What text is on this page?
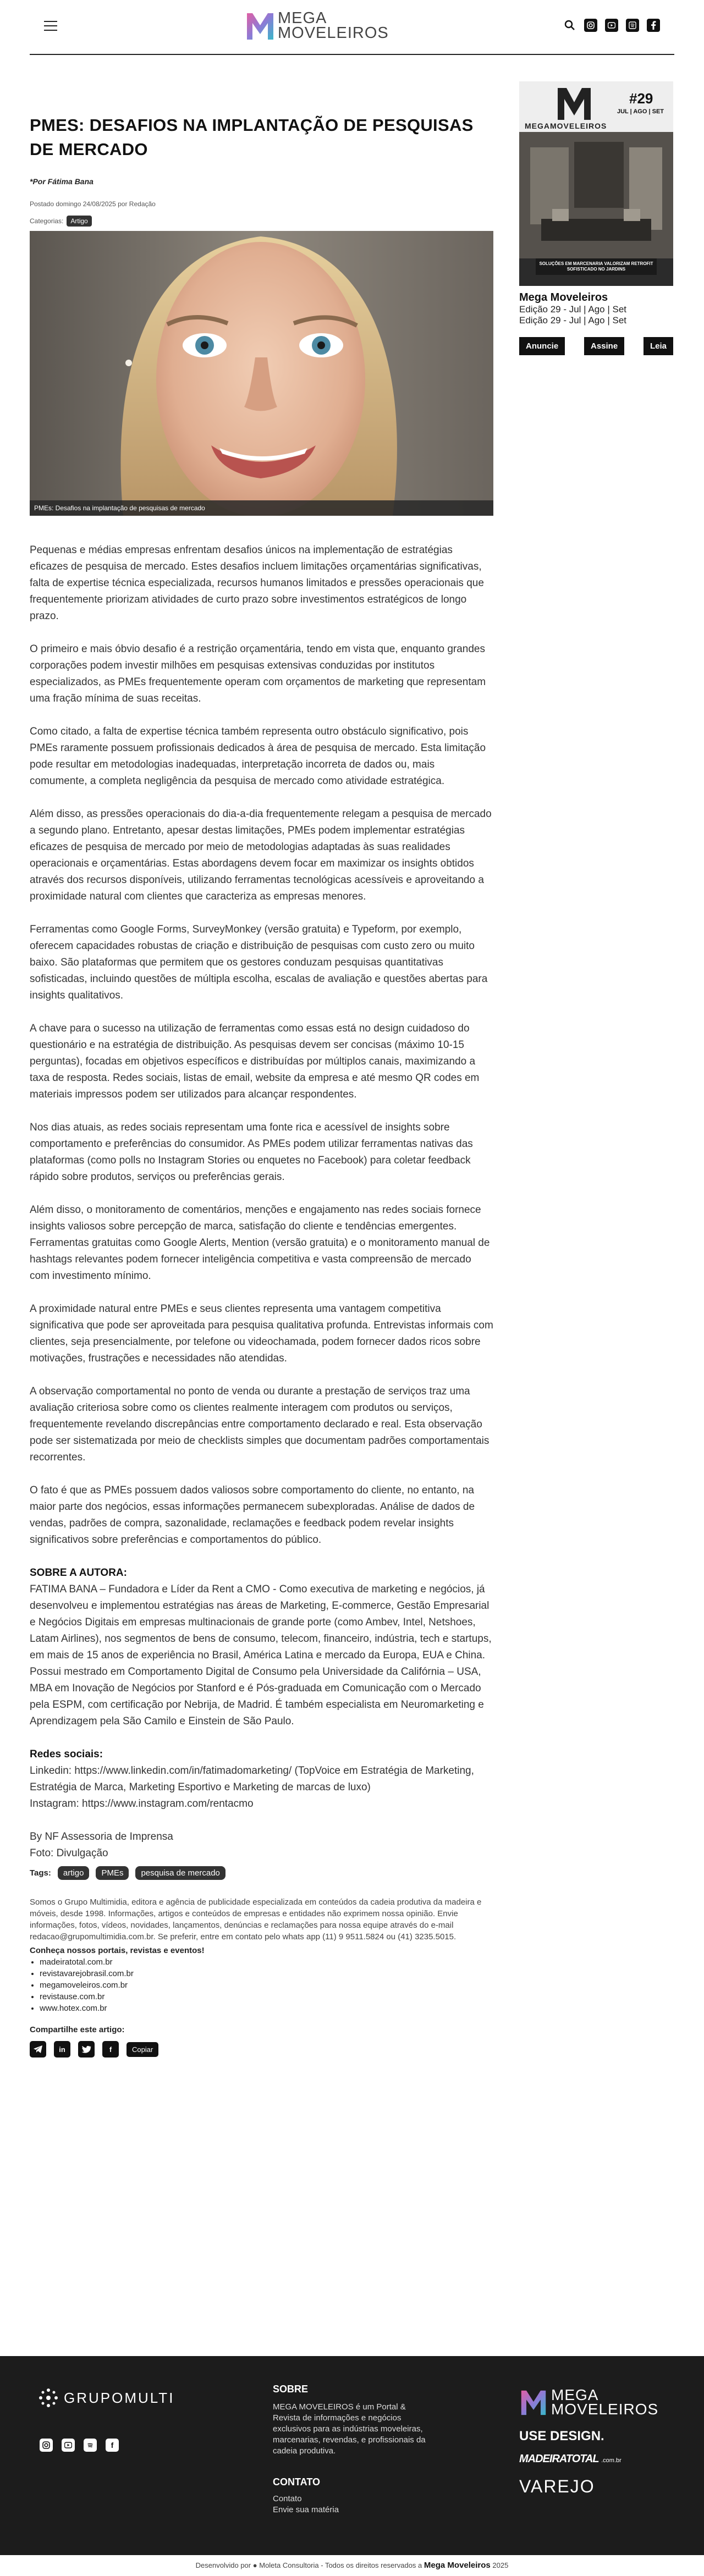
MEGA
MOVELEIROS
PMES: DESAFIOS NA IMPLANTAÇÃO DE PESQUISAS DE MERCADO
*Por Fátima Bana
Postado domingo 24/08/2025 por Redação
Categorias:	Artigo
PMEs: Desafios na implantação de pesquisas de mercado

Pequenas e médias empresas enfrentam desafios únicos na implementação de estratégias eficazes de pesquisa de mercado. Estes desafios incluem limitações orçamentárias significativas, falta de expertise técnica especializada, recursos humanos limitados e pressões operacionais que frequentemente priorizam atividades de curto prazo sobre investimentos estratégicos de longo prazo.

O primeiro e mais óbvio desafio é a restrição orçamentária, tendo em vista que, enquanto grandes corporações podem investir milhões em pesquisas extensivas conduzidas por institutos especializados, as PMEs frequentemente operam com orçamentos de marketing que representam uma fração mínima de suas receitas.

Como citado, a falta de expertise técnica também representa outro obstáculo significativo, pois PMEs raramente possuem profissionais dedicados à área de pesquisa de mercado. Esta limitação pode resultar em metodologias inadequadas, interpretação incorreta de dados ou, mais comumente, a completa negligência da pesquisa de mercado como atividade estratégica.

Além disso, as pressões operacionais do dia-a-dia frequentemente relegam a pesquisa de mercado a segundo plano. Entretanto, apesar destas limitações, PMEs podem implementar estratégias eficazes de pesquisa de mercado por meio de metodologias adaptadas às suas realidades operacionais e orçamentárias. Estas abordagens devem focar em maximizar os insights obtidos através dos recursos disponíveis, utilizando ferramentas tecnológicas acessíveis e aproveitando a proximidade natural com clientes que caracteriza as empresas menores.

Ferramentas como Google Forms, SurveyMonkey (versão gratuita) e Typeform, por exemplo, oferecem capacidades robustas de criação e distribuição de pesquisas com custo zero ou muito baixo. São plataformas que permitem que os gestores conduzam pesquisas quantitativas sofisticadas, incluindo questões de múltipla escolha, escalas de avaliação e questões abertas para insights qualitativos.

A chave para o sucesso na utilização de ferramentas como essas está no design cuidadoso do questionário e na estratégia de distribuição. As pesquisas devem ser concisas (máximo 10-15 perguntas), focadas em objetivos específicos e distribuídas por múltiplos canais, maximizando a taxa de resposta. Redes sociais, listas de email, website da empresa e até mesmo QR codes em materiais impressos podem ser utilizados para alcançar respondentes.

Nos dias atuais, as redes sociais representam uma fonte rica e acessível de insights sobre comportamento e preferências do consumidor. As PMEs podem utilizar ferramentas nativas das plataformas (como polls no Instagram Stories ou enquetes no Facebook) para coletar feedback rápido sobre produtos, serviços ou preferências gerais.

Além disso, o monitoramento de comentários, menções e engajamento nas redes sociais fornece insights valiosos sobre percepção de marca, satisfação do cliente e tendências emergentes. Ferramentas gratuitas como Google Alerts, Mention (versão gratuita) e o monitoramento manual de hashtags relevantes podem fornecer inteligência competitiva e vasta compreensão de mercado com investimento mínimo.

A proximidade natural entre PMEs e seus clientes representa uma vantagem competitiva significativa que pode ser aproveitada para pesquisa qualitativa profunda. Entrevistas informais com clientes, seja presencialmente, por telefone ou videochamada, podem fornecer dados ricos sobre motivações, frustrações e necessidades não atendidas.

A observação comportamental no ponto de venda ou durante a prestação de serviços traz uma avaliação criteriosa sobre como os clientes realmente interagem com produtos ou serviços, frequentemente revelando discrepâncias entre comportamento declarado e real. Esta observação pode ser sistematizada por meio de checklists simples que documentam padrões comportamentais recorrentes.

O fato é que as PMEs possuem dados valiosos sobre comportamento do cliente, no entanto, na maior parte dos negócios, essas informações permanecem subexploradas. Análise de dados de vendas, padrões de compra, sazonalidade, reclamações e feedback podem revelar insights significativos sobre preferências e comportamentos do público.

SOBRE A AUTORA:

FATIMA BANA – Fundadora e Líder da Rent a CMO - Como executiva de marketing e negócios, já desenvolveu e implementou estratégias nas áreas de Marketing, E-commerce, Gestão Empresarial e Negócios Digitais em empresas multinacionais de grande porte (como Ambev, Intel, Netshoes, Latam Airlines), nos segmentos de bens de consumo, telecom, financeiro, indústria, tech e startups, em mais de 15 anos de experiência no Brasil, América Latina e mercado da Europa, EUA e China. Possui mestrado em Comportamento Digital de Consumo pela Universidade da Califórnia – USA, MBA em Inovação de Negócios por Stanford e é Pós-graduada em Comunicação com o Mercado pela ESPM, com certificação por Nebrija, de Madrid. É também especialista em Neuromarketing e Aprendizagem pela São Camilo e Einstein de São Paulo.

Redes sociais:
Linkedin: https://www.linkedin.com/in/fatimadomarketing/ (TopVoice em Estratégia de Marketing, Estratégia de Marca, Marketing Esportivo e Marketing de marcas de luxo)

Instagram: https://www.instagram.com/rentacmo

By NF Assessoria de Imprensa
Foto: Divulgação
Tags:	artigo	PMEs	pesquisa de mercado
Somos o Grupo Multimidia, editora e agência de publicidade especializada em conteúdos da cadeia produtiva da madeira e móveis, desde 1998. Informações, artigos e conteúdos de empresas e entidades não exprimem nossa opinião. Envie informações, fotos, vídeos, novidades, lançamentos, denúncias e reclamações para nossa equipe através do e-mail redacao@grupomultimidia.com.br. Se preferir, entre em contato pelo whats app (11) 9 9511.5824 ou (41) 3235.5015.
Conheça nossos portais, revistas e eventos!
• madeiratotal.com.br
• revistavarejobrasil.com.br
• megamoveleiros.com.br
• revistause.com.br
• www.hotex.com.br
Compartilhe este artigo:
in	f	Copiar
#29
JUL | AGO | SET
MEGAMOVELEIROS
SOLUÇÕES EM MARCENARIA VALORIZAM RETROFIT SOFISTICADO NO JARDINS
Mega Moveleiros
Edição 29 - Jul | Ago | Set
Edição 29 - Jul | Ago | Set
Anuncie	Assine	Leia
GRUPOMULTI
f
SOBRE
MEGA MOVELEIROS é um Portal & Revista de informações e negócios exclusivos para as indústrias moveleiras, marcenarias, revendas, e profissionais da cadeia produtiva.
CONTATO
Contato
Envie sua matéria
MEGA
MOVELEIROS
USE DESIGN.
MADEIRATOTAL .com.br
VAREJO
Desenvolvido por ● Moleta Consultoria - Todos os direitos reservados a Mega Moveleiros 2025
